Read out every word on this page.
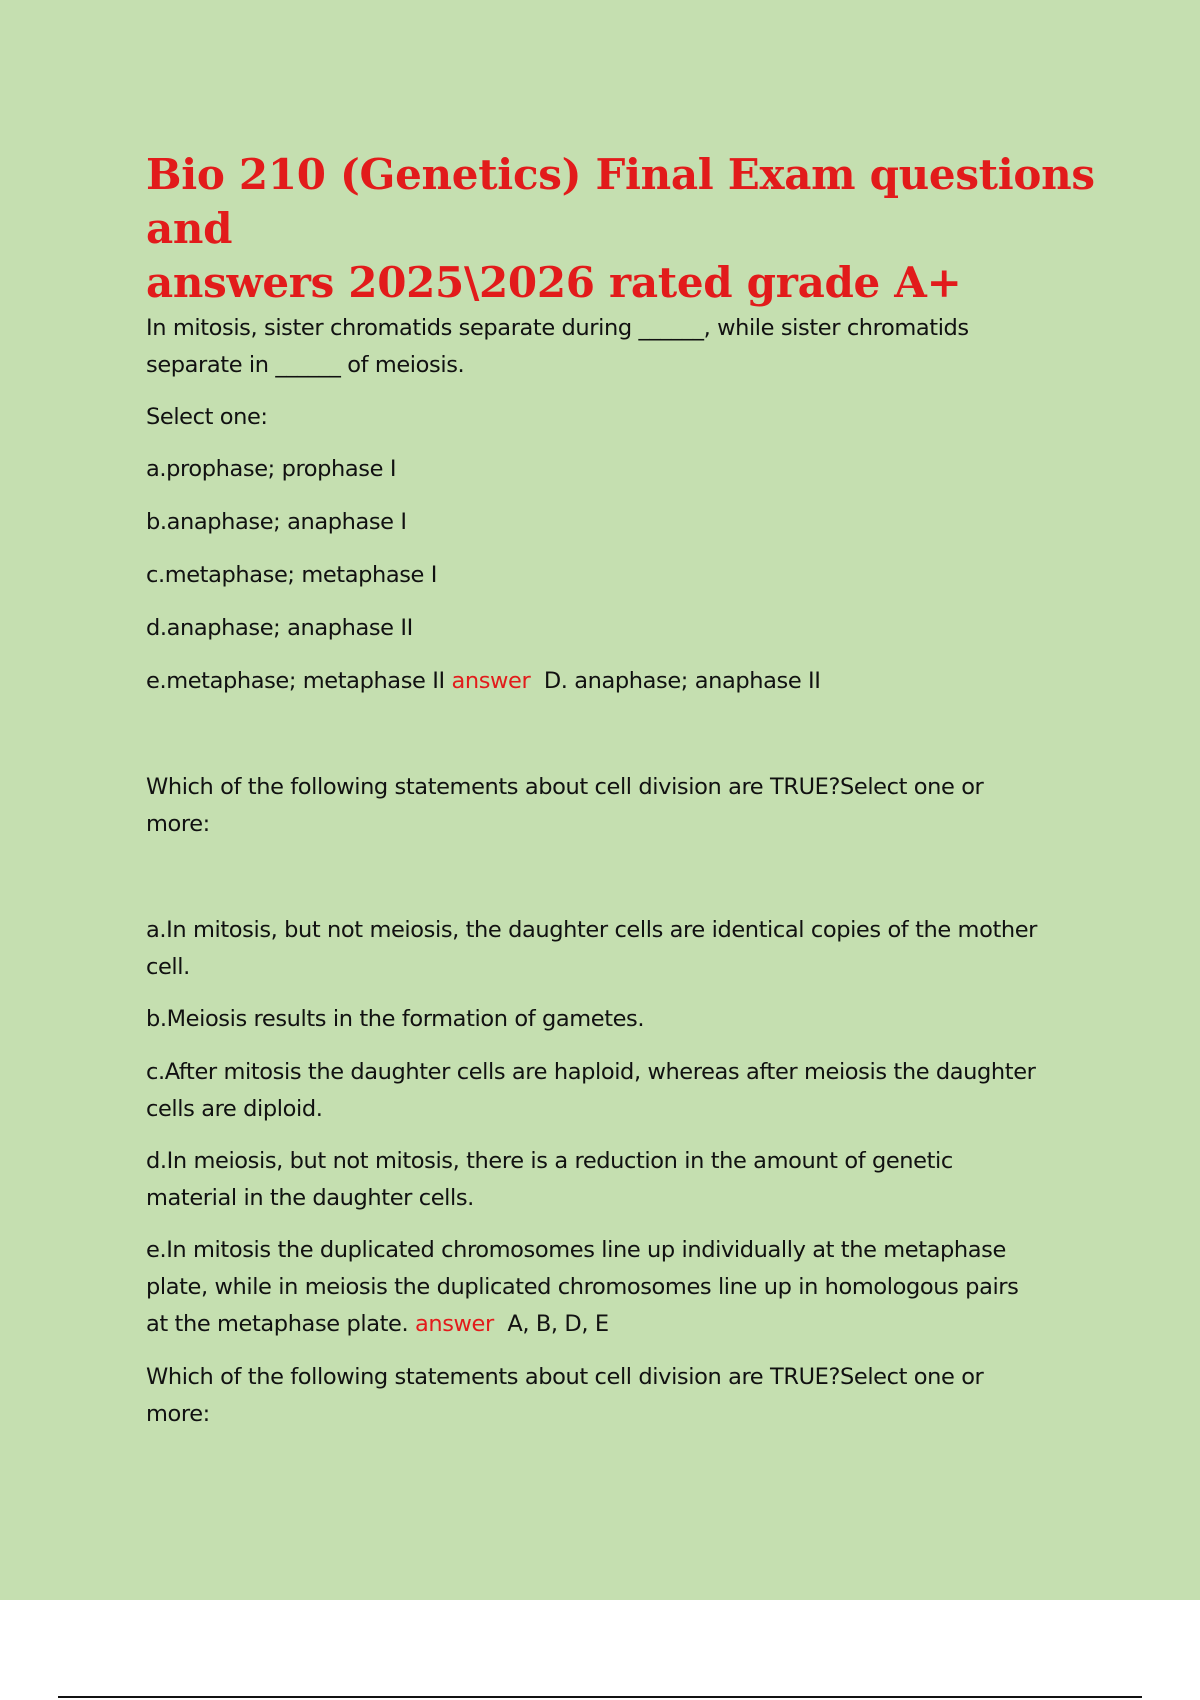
Bio 210 (Genetics) Final Exam questions and
answers 2025\2026 rated grade A+

In mitosis, sister chromatids separate during ______, while sister chromatids
separate in ______ of meiosis.

Select one:

a.prophase; prophase I

b.anaphase; anaphase I

c.metaphase; metaphase I

d.anaphase; anaphase II

e.metaphase; metaphase II answer D. anaphase; anaphase II

Which of the following statements about cell division are TRUE?Select one or
more:

a.In mitosis, but not meiosis, the daughter cells are identical copies of the mother
cell.

b.Meiosis results in the formation of gametes.

c.After mitosis the daughter cells are haploid, whereas after meiosis the daughter
cells are diploid.

d.In meiosis, but not mitosis, there is a reduction in the amount of genetic
material in the daughter cells.

e.In mitosis the duplicated chromosomes line up individually at the metaphase
plate, while in meiosis the duplicated chromosomes line up in homologous pairs
at the metaphase plate. answer A, B, D, E

Which of the following statements about cell division are TRUE?Select one or
more:
